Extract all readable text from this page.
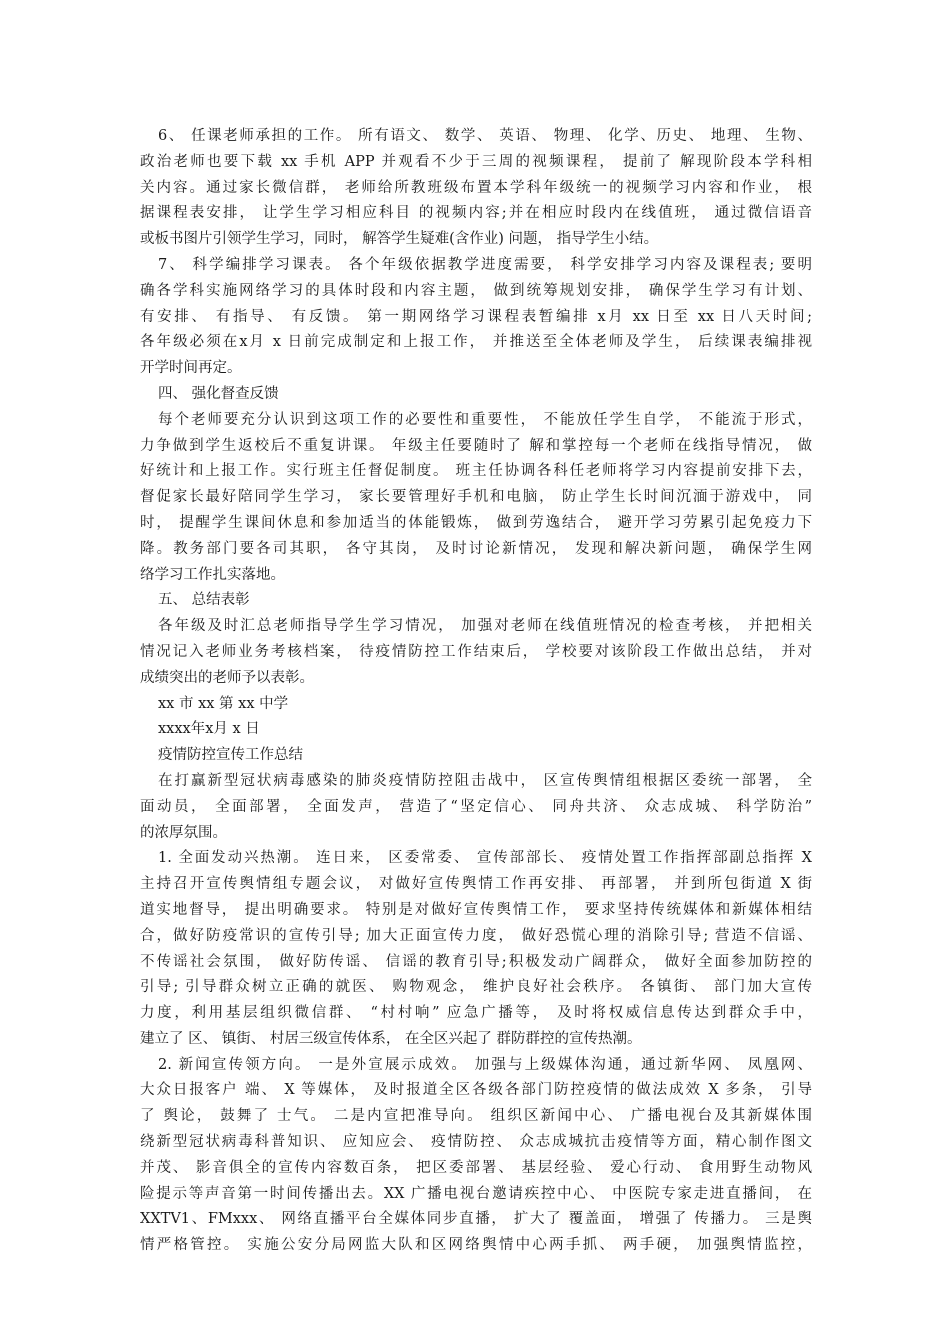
6、 任课老师承担的工作。 所有语文、 数学、 英语、 物理、 化学、历史、 地理、 生物、
政治老师也要下载 xx 手机 APP 并观看不少于三周的视频课程， 提前了 解现阶段本学科相
关内容。通过家长微信群， 老师给所教班级布置本学科年级统一的视频学习内容和作业， 根
据课程表安排， 让学生学习相应科目 的视频内容;并在相应时段内在线值班， 通过微信语音
或板书图片引领学生学习，同时， 解答学生疑难(含作业) 问题， 指导学生小结。
7、 科学编排学习课表。 各个年级依据教学进度需要， 科学安排学习内容及课程表; 要明
确各学科实施网络学习的具体时段和内容主题， 做到统筹规划安排， 确保学生学习有计划、
有安排、 有指导、 有反馈。 第一期网络学习课程表暂编排 x月 xx 日至 xx 日八天时间;
各年级必须在x月 x 日前完成制定和上报工作， 并推送至全体老师及学生， 后续课表编排视
开学时间再定。
四、 强化督查反馈
每个老师要充分认识到这项工作的必要性和重要性， 不能放任学生自学， 不能流于形式，
力争做到学生返校后不重复讲课。 年级主任要随时了 解和掌控每一个老师在线指导情况， 做
好统计和上报工作。实行班主任督促制度。 班主任协调各科任老师将学习内容提前安排下去，
督促家长最好陪同学生学习， 家长要管理好手机和电脑， 防止学生长时间沉湎于游戏中， 同
时， 提醒学生课间休息和参加适当的体能锻炼， 做到劳逸结合， 避开学习劳累引起免疫力下
降。教务部门要各司其职， 各守其岗， 及时讨论新情况， 发现和解决新问题， 确保学生网
络学习工作扎实落地。
五、 总结表彰
各年级及时汇总老师指导学生学习情况， 加强对老师在线值班情况的检查考核， 并把相关
情况记入老师业务考核档案， 待疫情防控工作结束后， 学校要对该阶段工作做出总结， 并对
成绩突出的老师予以表彰。
xx 市 xx 第 xx 中学
xxxx年x月 x 日
疫情防控宣传工作总结
在打赢新型冠状病毒感染的肺炎疫情防控阻击战中， 区宣传舆情组根据区委统一部署， 全
面动员， 全面部署， 全面发声， 营造了“坚定信心、 同舟共济、 众志成城、 科学防治”
的浓厚氛围。
1. 全面发动兴热潮。 连日来， 区委常委、 宣传部部长、 疫情处置工作指挥部副总指挥 X
主持召开宣传舆情组专题会议， 对做好宣传舆情工作再安排、 再部署， 并到所包街道 X 街
道实地督导， 提出明确要求。 特别是对做好宣传舆情工作， 要求坚持传统媒体和新媒体相结
合，做好防疫常识的宣传引导; 加大正面宣传力度， 做好恐慌心理的消除引导; 营造不信谣、
不传谣社会氛围， 做好防传谣、 信谣的教育引导;积极发动广阔群众， 做好全面参加防控的
引导; 引导群众树立正确的就医、 购物观念， 维护良好社会秩序。 各镇街、 部门加大宣传
力度，利用基层组织微信群、 “村村响” 应急广播等， 及时将权威信息传达到群众手中，
建立了 区、 镇街、 村居三级宣传体系， 在全区兴起了 群防群控的宣传热潮。
2. 新闻宣传领方向。 一是外宣展示成效。 加强与上级媒体沟通，通过新华网、 凤凰网、
大众日报客户 端、 X 等媒体， 及时报道全区各级各部门防控疫情的做法成效 X 多条， 引导
了 舆论， 鼓舞了 士气。 二是内宣把准导向。 组织区新闻中心、 广播电视台及其新媒体围
绕新型冠状病毒科普知识、 应知应会、 疫情防控、 众志成城抗击疫情等方面，精心制作图文
并茂、 影音俱全的宣传内容数百条， 把区委部署、 基层经验、 爱心行动、 食用野生动物风
险提示等声音第一时间传播出去。XX 广播电视台邀请疾控中心、 中医院专家走进直播间， 在
XXTV1、FMxxx、 网络直播平台全媒体同步直播， 扩大了 覆盖面， 增强了 传播力。 三是舆
情严格管控。 实施公安分局网监大队和区网络舆情中心两手抓、 两手硬， 加强舆情监控，
